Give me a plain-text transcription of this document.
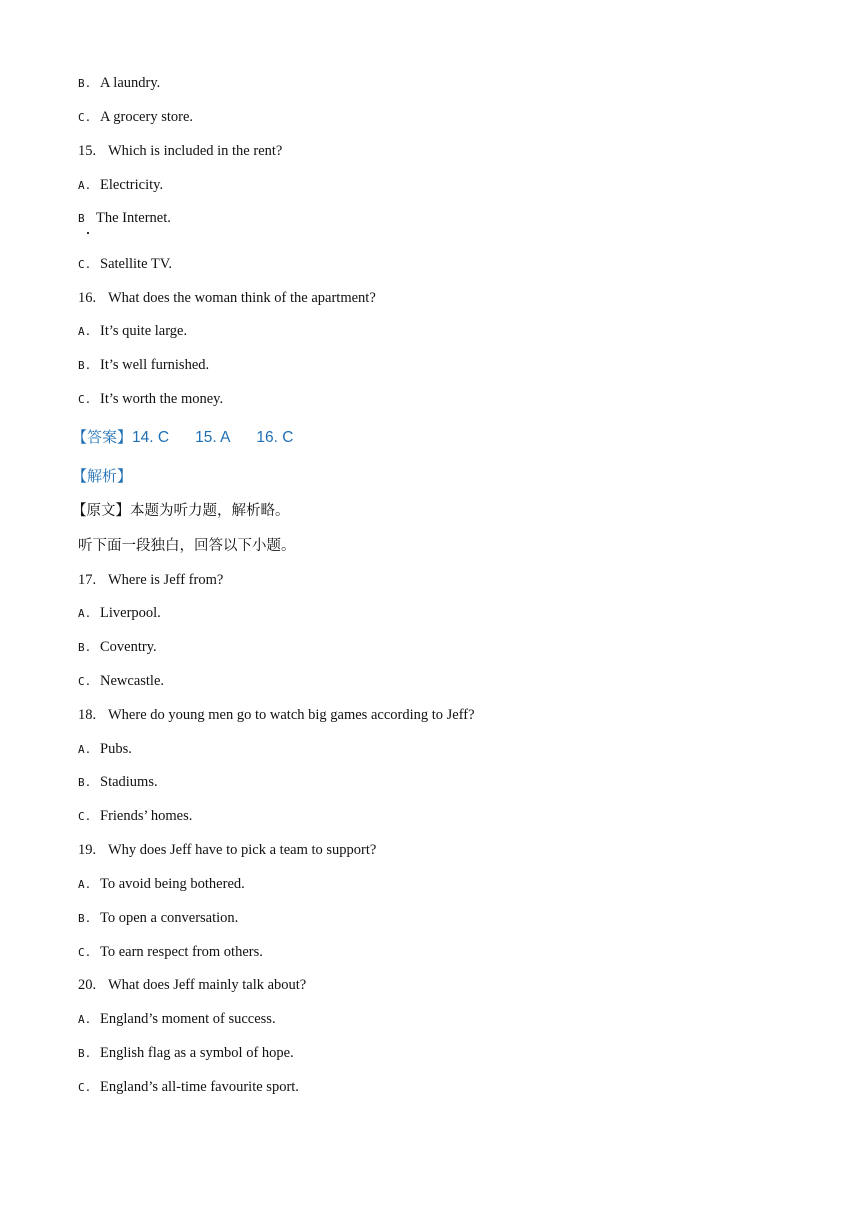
B. A laundry.
C. A grocery store.
15. Which is included in the rent?
A. Electricity.
B The Internet.
C. Satellite TV.
16. What does the woman think of the apartment?
A. It’s quite large.
B. It’s well furnished.
C. It’s worth the money.
【答案】14. C 15. A 16. C
【解析】
【原文】本题为听力题，解析略。
听下面一段独白，回答以下小题。
17. Where is Jeff from?
A. Liverpool.
B. Coventry.
C. Newcastle.
18. Where do young men go to watch big games according to Jeff?
A. Pubs.
B. Stadiums.
C. Friends’ homes.
19. Why does Jeff have to pick a team to support?
A. To avoid being bothered.
B. To open a conversation.
C. To earn respect from others.
20. What does Jeff mainly talk about?
A. England’s moment of success.
B. English flag as a symbol of hope.
C. England’s all-time favourite sport.
